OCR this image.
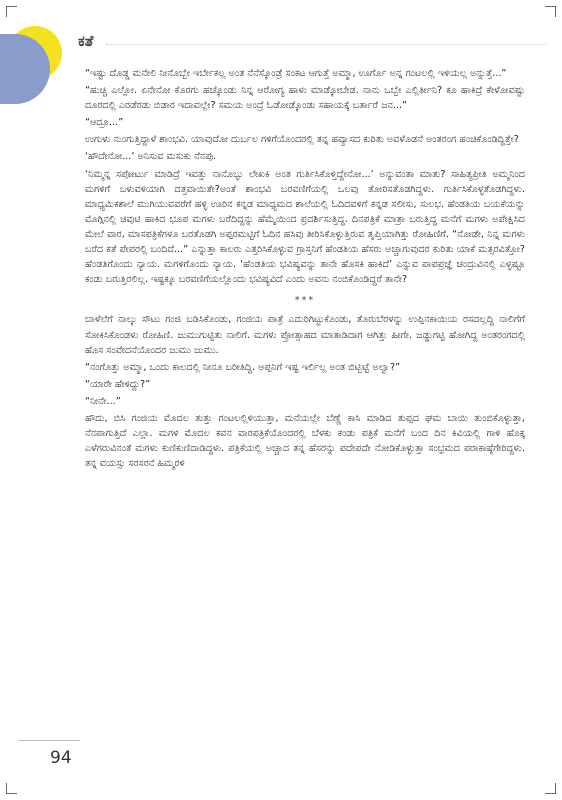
ಕತೆ

“ಇಷ್ಟು ದೊಡ್ಡ ಮನೇಲಿ ನೀನೊಬ್ಬೇ ಇರ್ಬೇಕಲ್ಲ ಅಂತ ನೆನೆಸ್ಕೊಂಡ್ರೆ ಸಂಕಟ ಆಗುತ್ತೆ ಅಮ್ಮಾ, ಊರ್ಗೊ ಅನ್ನ ಗಂಟಲಲ್ಲಿ ಇಳಿಯಲ್ಲ ಅನ್ನುತ್ತೆ...”

“ಹುಚ್ಚಿ ಎಲ್ಲೋ. ಏನೇನೋ ಕೊರಗು ಹಚ್ಕೊಂಡು ನಿನ್ನ ಆರೋಗ್ಯ ಹಾಳು ಮಾಡ್ಕೋಬೇಡ. ನಾನು ಒಬ್ಬೇ ಎಲ್ಲಿರ್ತೀನಿ? ಕೂ ಹಾಕಿದ್ರೆ ಕೇಳೋವಷ್ಟು ದೂರದಲ್ಲಿ ಎರಡೆರಡು ಬಿಡಾರ ಇದಾವಲ್ಲೇ? ಸಮಯ ಅಂದ್ರೆ ಓಡೋಡ್ಕೊಂಡು ಸಹಾಯಕ್ಕೆ ಬರ್ತಾರೆ ಜನ...”

“ಆದ್ರೂ...”

ಉಗುಳು ನುಂಗುತ್ತಿದ್ದಾಳೆ ಶಾಂಭವಿ. ಯಾವುದೋ ದುರ್ಬಲ ಗಳಿಗೆಯೊಂದರಲ್ಲಿ ತನ್ನ ಹವ್ಯಾಸದ ಕುರಿತು ಅವಳೊಡನೆ ಅಂತರಂಗ ಹಂಚಿಕೊಂಡಿದ್ದಿತ್ತೇ?

‘ಹೌದೇನೋ...’ ಅನಿಸುವ ಮಸುಕು ನೆನಪು.

‘ನಿಮ್ಮನ್ನ ಸಪೋರ್ಟು ಮಾಡಿದ್ರೆ ಇವತ್ತು ನಾನೊಬ್ಳು ಲೇಖಕಿ ಅಂತ ಗುರ್ತಿಸಿಕೊಳ್ತಿದ್ದೇನೋ...’ ಅನ್ನುವಂತಾ ಮಾತು? ಸಾಹಿತ್ಯಪ್ರೀತಿ ಅಮ್ಮನಿಂದ ಮಗಳಿಗೆ ಬಳುವಳಿಯಾಗಿ ದತ್ತವಾಯಿತೇ?ಅಂತೆ ಶಾಂಭವಿ ಬರವಣಿಗೆಯಲ್ಲಿ ಒಲವು ತೋರಿಸತೊಡಗಿದ್ದಳು. ಗುರ್ತಿಸಿಕೊಳ್ಳತೊಡಗಿದ್ದಳು. ಮಾಧ್ಯಮಿಕಶಾಲೆ ಮುಗಿಯುವವರೆಗೆ ಹಳ್ಳಿ ಊರಿನ ಕನ್ನಡ ಮಾಧ್ಯಮದ ಶಾಲೆಯಲ್ಲಿ ಓದಿದವಳಿಗೆ ಕನ್ನಡ ಸಲೀಸು, ಸುಲಭ. ಹೆಂಡತಿಯ ಬಯಕೆಯನ್ನು ಮೊಗ್ಗಿನಲ್ಲಿ ಚಿವುಟಿ ಹಾಕಿದ ಭೂಪ ಮಗಳು ಬರೆದಿದ್ದನ್ನು ಹೆಮ್ಮೆಯಿಂದ ಪ್ರದರ್ಶಿಸುತ್ತಿದ್ದ. ದಿನಪತ್ರಿಕೆ ಮಾತ್ರಾ ಬರುತ್ತಿದ್ದ ಮನೆಗೆ ಮಗಳು ಅಪೇಕ್ಷಿಸಿದ ಮೇಲೆ ವಾರ, ಮಾಸಪತ್ರಿಕೆಗಳೂ ಬರತೊಡಗಿ ಅಪ್ಪರಮಟ್ಟಿಗೆ ಓದಿನ ಹಸಿವು ತೀರಿಸಿಕೊಳ್ಳುತ್ತಿರುವ ತೃಪ್ತಿಯಾಗಿತ್ತು ರೋಹಿಣಿಗೆ. “ನೋಡೇ, ನಿನ್ನ ಮಗಳು ಬರೆದ ಕತೆ ಪೇಪರಲ್ಲಿ ಬಂದಿದೆ...” ಎನ್ನುತ್ತಾ ಕಾಲರು ಎತ್ತರಿಸಿಕೊಳ್ಳುವ ಗ್ರಾಸ್ತನಿಗೆ ಹೆಂಡತಿಯ ಹೆಸರು ಅಚ್ಚಾಗುವುದರ ಕುರಿತು ಯಾಕೆ ಮತ್ಸರವಿತ್ತೋ? ಹೆಂಡತಿಗೊಂದು ನ್ಯಾಯ. ಮಗಳಿಗೊಂದು ನ್ಯಾಯ. ‘ಹೆಂಡತಿಯ ಭವಿಷ್ಯವನ್ನು ತಾನೇ ಹೊಸಕಿ ಹಾಕಿದೆ’ ಎನ್ನುವ ಪಾಪಪ್ರಜ್ಞೆ ಚಂದ್ರುವಿನಲ್ಲಿ ಎಳ್ಳಷ್ಟೂ ಕಂಡು ಬರುತ್ತಿರಲಿಲ್ಲ. ಇಷ್ಟಕ್ಕೂ ಬರವಣಿಗೆಯಲ್ಲೊಂದು ಭವಿಷ್ಯವಿದೆ ಎಂದು ಅವನು ನಂಬಿಕೊಂಡಿದ್ದರೆ ತಾನೇ?

***

ಬಾಳೆಲೆಗೆ ನಾಲ್ಕು ಸೌಟು ಗಂಜಿ ಬಡಿಸಿಕೊಂಡು, ಗಂಜಿಯ ಪಾತ್ರೆ ಎದುರಿಗಿಟ್ಟುಕೊಂಡು, ತೊರುಬೆರಳನ್ನು ಉಪ್ಪಿನಕಾಯಿಯ ರಸದಲ್ಲದ್ದಿ ನಾಲಿಗೆಗೆ ಸೋಕಿಸಿಕೊಂಡಳು ರೋಹಿಣಿ. ಜುಮುಗುಟ್ಟಿತು ನಾಲಿಗೆ. ಮಗಳು ಪ್ರೋತ್ಸಾಹದ ಮಾತಾಡಿದಾಗ ಆಗಿತ್ತು ಹೀಗೇ. ಜಡ್ಡುಗಟ್ಟಿ ಹೋಗಿದ್ದ ಅಂತರಂಗದಲ್ಲಿ ಹೊಸ ಸಂವೇದನೆಯೊಂದರ ಜುಮು ಜುಮು.

“ನಂಗೊತ್ತು ಅಮ್ಮಾ, ಒಂದು ಕಾಲದಲ್ಲಿ ನೀನೂ ಬರೀತಿದ್ದಿ. ಅಪ್ಪನಿಗೆ ಇಷ್ಟ ಇರ್ಲಿಲ್ಲ ಅಂತ ಬಿಟ್ಬಿಟ್ಟೆ ಅಲ್ವಾ?”

“ಯಾರೇ ಹೇಳಿದ್ದು?”

“ನೀನೇ...”

ಹೌದು, ಬಿಸಿ ಗಂಜಿಯ ಮೊದಲ ತುತ್ತು ಗಂಟಲಲ್ಲಿಳಿಯುತ್ತಾ, ಮನೆಯಲ್ಲೇ ಬೆಣ್ಣೆ ಕಾಸಿ ಮಾಡಿದ ತುಪ್ಪದ ಘಮ ಬಾಯಿ ತುಂಬಿಕೊಳ್ಳುತ್ತಾ, ನೆನಪಾಗುತ್ತಿದೆ ಎಲ್ಲಾ. ಮಗಳ ಮೊದಲ ಕವನ ವಾರಪತ್ರಿಕೆಯೊಂದರಲ್ಲಿ ಬೆಳಕು ಕಂಡು ಪತ್ರಿಕೆ ಮನೆಗೆ ಬಂದ ದಿನ ಕಿವಿಯಲ್ಲಿ ಗಾಳಿ ಹೊಕ್ಕ ಎಳೆಗರುವಿನಂತೆ ಮಗಳು ಕುಣಿಕುಣಿದಾಡಿದ್ದಳು. ಪತ್ರಿಕೆಯಲ್ಲಿ ಅಚ್ಚಾದ ತನ್ನ ಹೆಸರನ್ನು ಪದೇಪದೇ ನೋಡಿಕೊಳ್ಳುತ್ತಾ ಸಂಭ್ರಮದ ಪರಾಕಾಷ್ಠೆಗೇರಿದ್ದಳು. ತನ್ನ ವಯಸ್ಸು ಸರಸರನೆ ಹಿಮ್ಮರಳಿ

94
